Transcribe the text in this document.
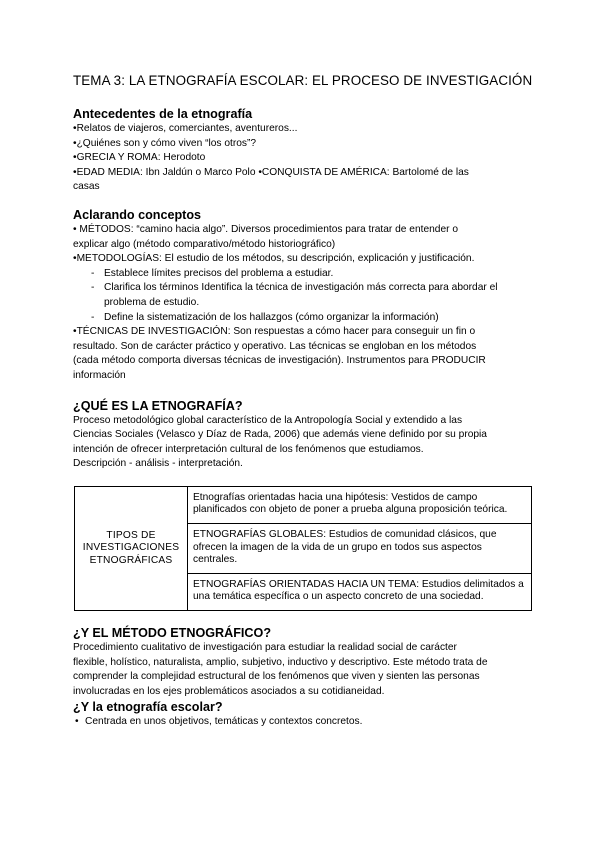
TEMA 3: LA ETNOGRAFÍA ESCOLAR: EL PROCESO DE INVESTIGACIÓN

Antecedentes de la etnografía

•Relatos de viajeros, comerciantes, aventureros...

•¿Quiénes son y cómo viven “los otros”?

•GRECIA Y ROMA: Herodoto

•EDAD MEDIA: Ibn Jaldún o Marco Polo •CONQUISTA DE AMÉRICA: Bartolomé de las

casas

Aclarando conceptos

• MÉTODOS: “camino hacia algo”. Diversos procedimientos para tratar de entender o

explicar algo (método comparativo/método historiográfico)

•METODOLOGÍAS: El estudio de los métodos, su descripción, explicación y justificación.

- Establece límites precisos del problema a estudiar.
- Clarifica los términos Identifica la técnica de investigación más correcta para abordar el problema de estudio.
- Define la sistematización de los hallazgos (cómo organizar la información)

•TÉCNICAS DE INVESTIGACIÓN: Son respuestas a cómo hacer para conseguir un fin o

resultado. Son de carácter práctico y operativo. Las técnicas se engloban en los métodos

(cada método comporta diversas técnicas de investigación). Instrumentos para PRODUCIR

información

¿QUÉ ES LA ETNOGRAFÍA?

Proceso metodológico global característico de la Antropología Social y extendido a las

Ciencias Sociales (Velasco y Díaz de Rada, 2006) que además viene definido por su propia

intención de ofrecer interpretación cultural de los fenómenos que estudiamos.

Descripción - análisis - interpretación.

TIPOS DE INVESTIGACIONES ETNOGRÁFICAS	Etnografías orientadas hacia una hipótesis: Vestidos de campo planificados con objeto de poner a prueba alguna proposición teórica.
ETNOGRAFÍAS GLOBALES: Estudios de comunidad clásicos, que ofrecen la imagen de la vida de un grupo en todos sus aspectos centrales.
ETNOGRAFÍAS ORIENTADAS HACIA UN TEMA: Estudios delimitados a una temática específica o un aspecto concreto de una sociedad.

¿Y EL MÉTODO ETNOGRÁFICO?

Procedimiento cualitativo de investigación para estudiar la realidad social de carácter

flexible, holístico, naturalista, amplio, subjetivo, inductivo y descriptivo. Este método trata de

comprender la complejidad estructural de los fenómenos que viven y sienten las personas

involucradas en los ejes problemáticos asociados a su cotidianeidad.

¿Y la etnografía escolar?

• Centrada en unos objetivos, temáticas y contextos concretos.
